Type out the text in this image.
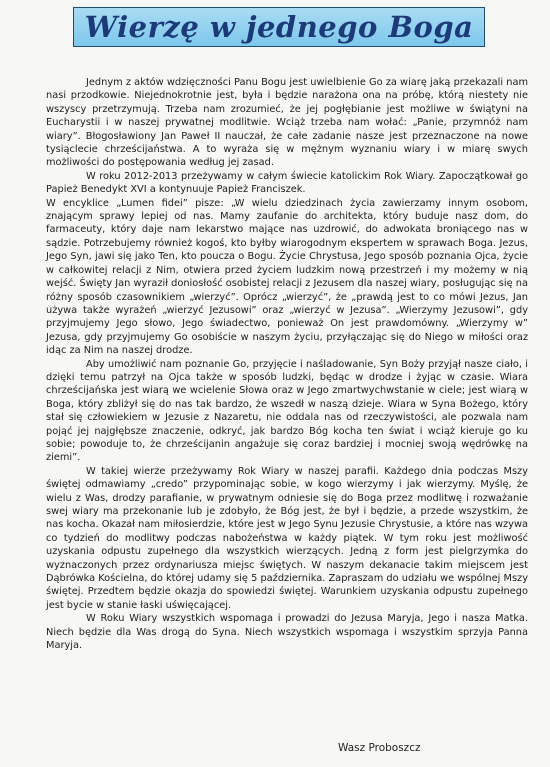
Wierzę w jednego Boga

Jednym z aktów wdzięczności Panu Bogu jest uwielbienie Go za wiarę jaką przekazali nam nasi przodkowie. Niejednokrotnie jest, była i będzie narażona ona na próbę, którą niestety nie wszyscy przetrzymują. Trzeba nam zrozumieć, że jej pogłębianie jest możliwe w świątyni na Eucharystii i w naszej prywatnej modlitwie. Wciąż trzeba nam wołać: „Panie, przymnóż nam wiary”. Błogosławiony Jan Paweł II nauczał, że całe zadanie nasze jest przeznaczone na nowe tysiąclecie chrześcijaństwa. A to wyraża się w mężnym wyznaniu wiary i w miarę swych możliwości do postępowania według jej zasad.

W roku 2012-2013 przeżywamy w całym świecie katolickim Rok Wiary. Zapoczątkował go Papież Benedykt XVI a kontynuuje Papież Franciszek.

W encyklice „Lumen fidei” pisze: „W wielu dziedzinach życia zawierzamy innym osobom, znającym sprawy lepiej od nas. Mamy zaufanie do architekta, który buduje nasz dom, do farmaceuty, który daje nam lekarstwo mające nas uzdrowić, do adwokata broniącego nas w sądzie. Potrzebujemy również kogoś, kto byłby wiarogodnym ekspertem w sprawach Boga. Jezus, Jego Syn, jawi się jako Ten, kto poucza o Bogu. Życie Chrystusa, Jego sposób poznania Ojca, życie w całkowitej relacji z Nim, otwiera przed życiem ludzkim nową przestrzeń i my możemy w nią wejść. Święty Jan wyraził doniosłość osobistej relacji z Jezusem dla naszej wiary, posługując się na różny sposób czasownikiem „wierzyć”. Oprócz „wierzyć”, że „prawdą jest to co mówi Jezus, Jan używa także wyrażeń „wierzyć Jezusowi” oraz „wierzyć w Jezusa”. „Wierzymy Jezusowi”, gdy przyjmujemy Jego słowo, Jego świadectwo, ponieważ On jest prawdomówny. „Wierzymy w” Jezusa, gdy przyjmujemy Go osobiście w naszym życiu, przyłączając się do Niego w miłości oraz idąc za Nim na naszej drodze.

Aby umożliwić nam poznanie Go, przyjęcie i naśladowanie, Syn Boży przyjął nasze ciało, i dzięki temu patrzył na Ojca także w sposób ludzki, będąc w drodze i żyjąc w czasie. Wiara chrześcijańska jest wiarą we wcielenie Słowa oraz w Jego zmartwychwstanie w ciele; jest wiarą w Boga, który zbliżył się do nas tak bardzo, że wszedł w naszą dzieje. Wiara w Syna Bożego, który stał się człowiekiem w Jezusie z Nazaretu, nie oddala nas od rzeczywistości, ale pozwala nam pojąć jej najgłębsze znaczenie, odkryć, jak bardzo Bóg kocha ten świat i wciąż kieruje go ku sobie; powoduje to, że chrześcijanin angażuje się coraz bardziej i mocniej swoją wędrówkę na ziemi”.

W takiej wierze przeżywamy Rok Wiary w naszej parafii. Każdego dnia podczas Mszy świętej odmawiamy „credo” przypominając sobie, w kogo wierzymy i jak wierzymy. Myślę, że wielu z Was, drodzy parafianie, w prywatnym odniesie się do Boga przez modlitwę i rozważanie swej wiary ma przekonanie lub je zdobyło, że Bóg jest, że był i będzie, a przede wszystkim, że nas kocha. Okazał nam miłosierdzie, które jest w Jego Synu Jezusie Chrystusie, a które nas wzywa co tydzień do modlitwy podczas nabożeństwa w każdy piątek. W tym roku jest możliwość uzyskania odpustu zupełnego dla wszystkich wierzących. Jedną z form jest pielgrzymka do wyznaczonych przez ordynariusza miejsc świętych. W naszym dekanacie takim miejscem jest Dąbrówka Kościelna, do której udamy się 5 października. Zapraszam do udziału we wspólnej Mszy świętej. Przedtem będzie okazja do spowiedzi świętej. Warunkiem uzyskania odpustu zupełnego jest bycie w stanie łaski uświęcającej.

W Roku Wiary wszystkich wspomaga i prowadzi do Jezusa Maryja, Jego i nasza Matka. Niech będzie dla Was drogą do Syna. Niech wszystkich wspomaga i wszystkim sprzyja Panna Maryja.

Wasz Proboszcz
